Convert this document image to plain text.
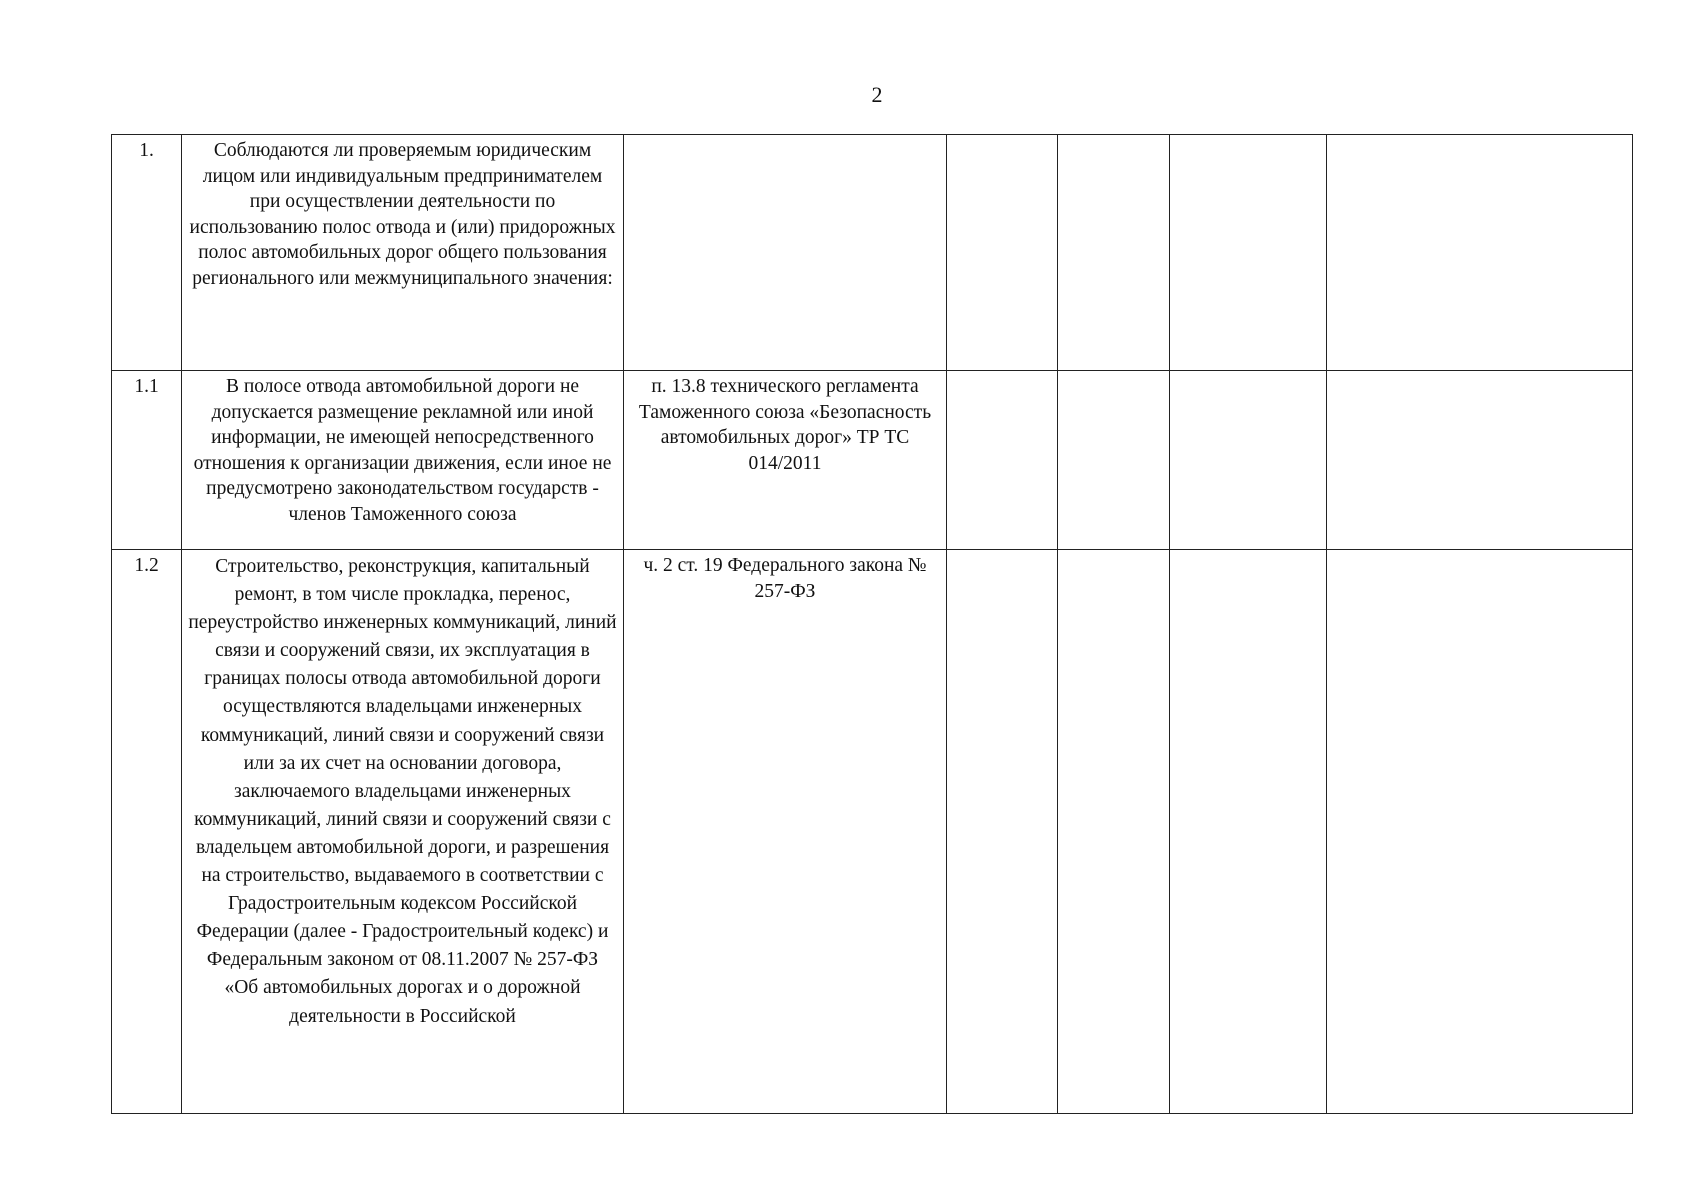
2
1.	Соблюдаются ли проверяемым юридическим лицом или индивидуальным предпринимателем при осуществлении деятельности по использованию полос отвода и (или) придорожных полос автомобильных дорог общего пользования регионального или межмуниципального значения:					

1.1	В полосе отвода автомобильной дороги не допускается размещение рекламной или иной информации, не имеющей непосредственного отношения к организации движения, если иное не предусмотрено законодательством государств - членов Таможенного союза	п. 13.8 технического регламента Таможенного союза «Безопасность автомобильных дорог» ТР ТС 014/2011				

1.2	Строительство, реконструкция, капитальный ремонт, в том числе прокладка, перенос, переустройство инженерных коммуникаций, линий связи и сооружений связи, их эксплуатация в границах полосы отвода автомобильной дороги осуществляются владельцами инженерных коммуникаций, линий связи и сооружений связи или за их счет на основании договора, заключаемого владельцами инженерных коммуникаций, линий связи и сооружений связи с владельцем автомобильной дороги, и разрешения на строительство, выдаваемого в соответствии с Градостроительным кодексом Российской Федерации (далее - Градостроительный кодекс) и Федеральным законом от 08.11.2007 № 257-ФЗ «Об автомобильных дорогах и о дорожной деятельности в Российской	ч. 2 ст. 19 Федерального закона № 257-ФЗ				
